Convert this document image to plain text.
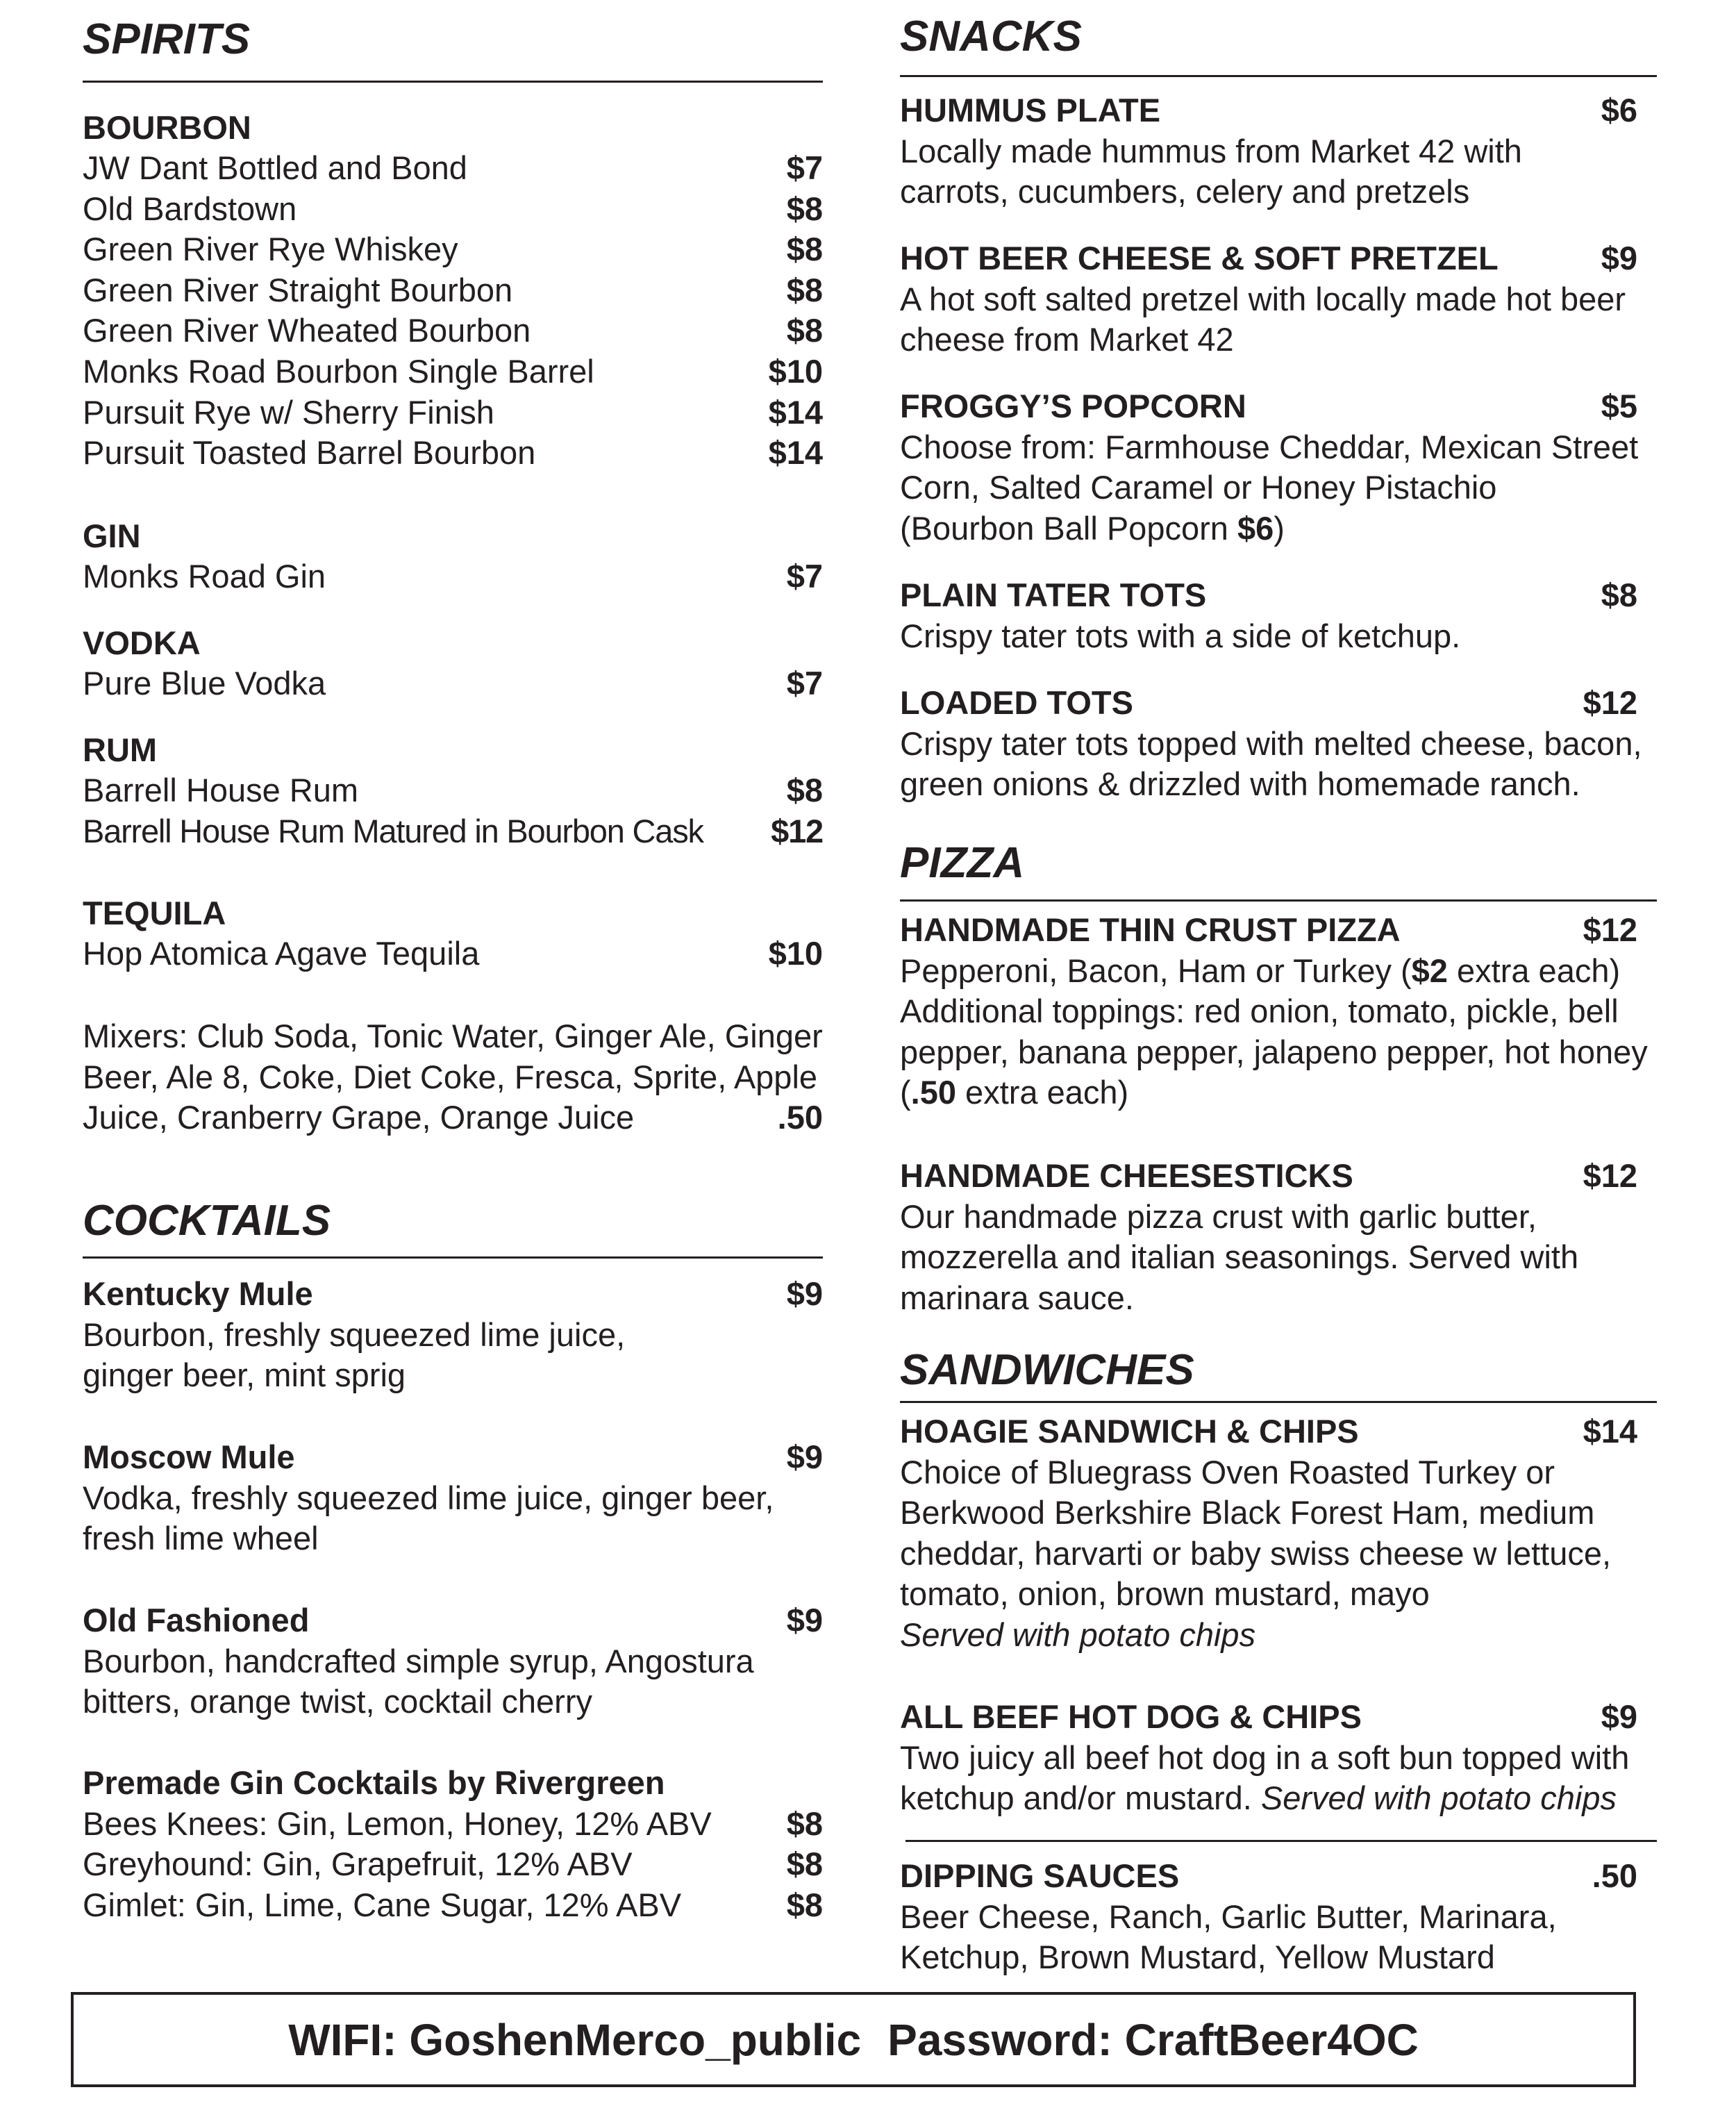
SPIRITS
BOURBON
JW Dant Bottled and Bond	$7
Old Bardstown	$8
Green River Rye Whiskey	$8
Green River Straight Bourbon	$8
Green River Wheated Bourbon	$8
Monks Road Bourbon Single Barrel	$10
Pursuit Rye w/ Sherry Finish	$14
Pursuit Toasted Barrel Bourbon	$14
GIN
Monks Road Gin	$7
VODKA
Pure Blue Vodka	$7
RUM
Barrell House Rum	$8
Barrell House Rum Matured in Bourbon Cask $12
TEQUILA
Hop Atomica Agave Tequila	$10
Mixers: Club Soda, Tonic Water, Ginger Ale, Ginger
Beer, Ale 8, Coke, Diet Coke, Fresca, Sprite, Apple
Juice, Cranberry Grape, Orange Juice	.50
COCKTAILS
Kentucky Mule	$9
Bourbon, freshly squeezed lime juice,
ginger beer, mint sprig
Moscow Mule	$9
Vodka, freshly squeezed lime juice, ginger beer,
fresh lime wheel
Old Fashioned	$9
Bourbon, handcrafted simple syrup, Angostura
bitters, orange twist, cocktail cherry
Premade Gin Cocktails by Rivergreen
Bees Knees: Gin, Lemon, Honey, 12% ABV $8
Greyhound: Gin, Grapefruit, 12% ABV	$8
Gimlet: Gin, Lime, Cane Sugar, 12% ABV	$8
SNACKS
HUMMUS PLATE	$6
Locally made hummus from Market 42 with carrots, cucumbers, celery and pretzels
HOT BEER CHEESE & SOFT PRETZEL	$9
A hot soft salted pretzel with locally made hot beer cheese from Market 42
FROGGY’S POPCORN	$5
Choose from: Farmhouse Cheddar, Mexican Street Corn, Salted Caramel or Honey Pistachio
(Bourbon Ball Popcorn $6)
PLAIN TATER TOTS	$8
Crispy tater tots with a side of ketchup.
LOADED TOTS	$12
Crispy tater tots topped with melted cheese, bacon, green onions & drizzled with homemade ranch.
PIZZA
HANDMADE THIN CRUST PIZZA	$12
Pepperoni, Bacon, Ham or Turkey ($2 extra each)
Additional toppings: red onion, tomato, pickle, bell pepper, banana pepper, jalapeno pepper, hot honey (.50 extra each)
HANDMADE CHEESESTICKS	$12
Our handmade pizza crust with garlic butter, mozzerella and italian seasonings. Served with marinara sauce.
SANDWICHES
HOAGIE SANDWICH & CHIPS	$14
Choice of Bluegrass Oven Roasted Turkey or Berkwood Berkshire Black Forest Ham, medium cheddar, harvarti or baby swiss cheese w lettuce, tomato, onion, brown mustard, mayo
Served with potato chips
ALL BEEF HOT DOG & CHIPS	$9
Two juicy all beef hot dog in a soft bun topped with ketchup and/or mustard. Served with potato chips
DIPPING SAUCES	.50
Beer Cheese, Ranch, Garlic Butter, Marinara, Ketchup, Brown Mustard, Yellow Mustard
WIFI: GoshenMerco_public Password: CraftBeer4OC
